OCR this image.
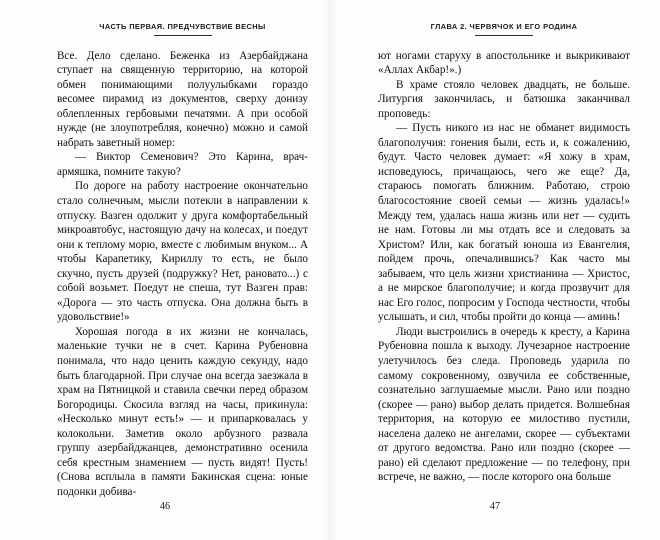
ЧАСТЬ ПЕРВАЯ. ПРЕДЧУВСТВИЕ ВЕСНЫ

Все. Дело сделано. Беженка из Азербайджана ступает на священную территорию, на которой обмен понимающими полуулыбками гораздо весомее пирамид из документов, сверху донизу облепленных гербовыми печатями. А при особой нужде (не злоупотребляя, конечно) можно и самой набрать заветный номер:

— Виктор Семенович? Это Карина, врач-армяшка, помните такую?

По дороге на работу настроение окончательно стало солнечным, мысли потекли в направлении к отпуску. Вазген одолжит у друга комфортабельный микроавтобус, настоящую дачу на колесах, и поедут они к теплому морю, вместе с любимым внуком... А чтобы Карапетику, Кириллу то есть, не было скучно, пусть друзей (подружку? Нет, рановато...) с собой возьмет. Поедут не спеша, тут Вазген прав: «Дорога — это часть отпуска. Она должна быть в удовольствие!»

Хорошая погода в их жизни не кончалась, маленькие тучки не в счет. Карина Рубеновна понимала, что надо ценить каждую секунду, надо быть благодарной. При случае она всегда заезжала в храм на Пятницкой и ставила свечки перед образом Богородицы. Скосила взгляд на часы, прикинула: «Несколько минут есть!» — и припарковалась у колокольни. Заметив около арбузного развала группу азербайджанцев, демонстративно осенила себя крестным знамением — пусть видят! Пусть! (Снова всплыла в памяти Бакинская сцена: юные подонки добива-

46
ГЛАВА 2. ЧЕРВЯЧОК И ЕГО РОДИНА

ют ногами старуху в апостольнике и выкрикивают «Аллах Акбар!».)

В храме стояло человек двадцать, не больше. Литургия закончилась, и батюшка заканчивал проповедь:

— Пусть никого из нас не обманет видимость благополучия: гонения были, есть и, к сожалению, будут. Часто человек думает: «Я хожу в храм, исповедуюсь, причащаюсь, чего же еще? Да, стараюсь помогать ближним. Работаю, строю благосостояние своей семьи — жизнь удалась!» Между тем, удалась наша жизнь или нет — судить не нам. Готовы ли мы отдать все и следовать за Христом? Или, как богатый юноша из Евангелия, пойдем прочь, опечалившись? Как часто мы забываем, что цель жизни христианина — Христос, а не мирское благополучие; и когда прозвучит для нас Его голос, попросим у Господа честности, чтобы услышать, и сил, чтобы пройти до конца — аминь!

Люди выстроились в очередь к кресту, а Карина Рубеновна пошла к выходу. Лучезарное настроение улетучилось без следа. Проповедь ударила по самому сокровенному, озвучила ее собственные, сознательно заглушаемые мысли. Рано или поздно (скорее — рано) выбор делать придется. Волшебная территория, на которую ее милостиво пустили, населена далеко не ангелами, скорее — субъектами от другого ведомства. Рано или поздно (скорее — рано) ей сделают предложение — по телефону, при встрече, не важно, — после которого она больше

47
